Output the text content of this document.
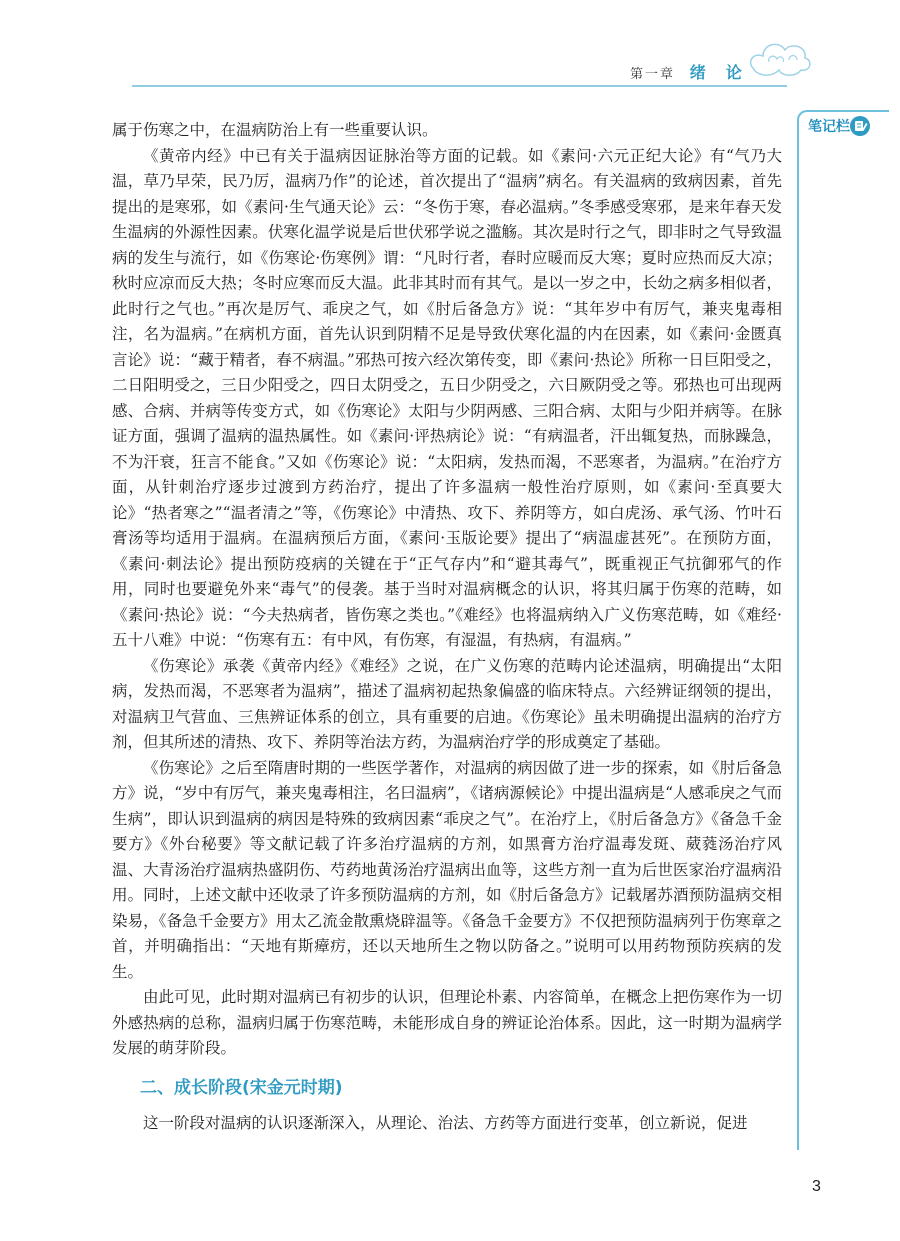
第一章 绪　论
笔记栏

属于伤寒之中，在温病防治上有一些重要认识。

《黄帝内经》中已有关于温病因证脉治等方面的记载。如《素问·六元正纪大论》有“气乃大温，草乃早荣，民乃厉，温病乃作”的论述，首次提出了“温病”病名。有关温病的致病因素，首先提出的是寒邪，如《素问·生气通天论》云：“冬伤于寒，春必温病。”冬季感受寒邪，是来年春天发生温病的外源性因素。伏寒化温学说是后世伏邪学说之滥觞。其次是时行之气，即非时之气导致温病的发生与流行，如《伤寒论·伤寒例》谓：“凡时行者，春时应暖而反大寒；夏时应热而反大凉；秋时应凉而反大热；冬时应寒而反大温。此非其时而有其气。是以一岁之中，长幼之病多相似者，此时行之气也。”再次是厉气、乖戾之气，如《肘后备急方》说：“其年岁中有厉气，兼夹鬼毒相注，名为温病。”在病机方面，首先认识到阴精不足是导致伏寒化温的内在因素，如《素问·金匮真言论》说：“藏于精者，春不病温。”邪热可按六经次第传变，即《素问·热论》所称一日巨阳受之，二日阳明受之，三日少阳受之，四日太阴受之，五日少阴受之，六日厥阴受之等。邪热也可出现两感、合病、并病等传变方式，如《伤寒论》太阳与少阴两感、三阳合病、太阳与少阳并病等。在脉证方面，强调了温病的温热属性。如《素问·评热病论》说：“有病温者，汗出辄复热，而脉躁急，不为汗衰，狂言不能食。”又如《伤寒论》说：“太阳病，发热而渴，不恶寒者，为温病。”在治疗方面，从针刺治疗逐步过渡到方药治疗，提出了许多温病一般性治疗原则，如《素问·至真要大论》“热者寒之”“温者清之”等，《伤寒论》中清热、攻下、养阴等方，如白虎汤、承气汤、竹叶石膏汤等均适用于温病。在温病预后方面，《素问·玉版论要》提出了“病温虚甚死”。在预防方面，《素问·刺法论》提出预防疫病的关键在于“正气存内”和“避其毒气”，既重视正气抗御邪气的作用，同时也要避免外来“毒气”的侵袭。基于当时对温病概念的认识，将其归属于伤寒的范畴，如《素问·热论》说：“今夫热病者，皆伤寒之类也。”《难经》也将温病纳入广义伤寒范畴，如《难经·五十八难》中说：“伤寒有五：有中风，有伤寒，有湿温，有热病，有温病。”

《伤寒论》承袭《黄帝内经》《难经》之说，在广义伤寒的范畴内论述温病，明确提出“太阳病，发热而渴，不恶寒者为温病”，描述了温病初起热象偏盛的临床特点。六经辨证纲领的提出，对温病卫气营血、三焦辨证体系的创立，具有重要的启迪。《伤寒论》虽未明确提出温病的治疗方剂，但其所述的清热、攻下、养阴等治法方药，为温病治疗学的形成奠定了基础。

《伤寒论》之后至隋唐时期的一些医学著作，对温病的病因做了进一步的探索，如《肘后备急方》说，“岁中有厉气，兼夹鬼毒相注，名曰温病”，《诸病源候论》中提出温病是“人感乖戾之气而生病”，即认识到温病的病因是特殊的致病因素“乖戾之气”。在治疗上，《肘后备急方》《备急千金要方》《外台秘要》等文献记载了许多治疗温病的方剂，如黑膏方治疗温毒发斑、葳蕤汤治疗风温、大青汤治疗温病热盛阴伤、芍药地黄汤治疗温病出血等，这些方剂一直为后世医家治疗温病沿用。同时，上述文献中还收录了许多预防温病的方剂，如《肘后备急方》记载屠苏酒预防温病交相染易，《备急千金要方》用太乙流金散熏烧辟温等。《备急千金要方》不仅把预防温病列于伤寒章之首，并明确指出：“天地有斯瘴疠，还以天地所生之物以防备之。”说明可以用药物预防疾病的发生。

由此可见，此时期对温病已有初步的认识，但理论朴素、内容简单，在概念上把伤寒作为一切外感热病的总称，温病归属于伤寒范畴，未能形成自身的辨证论治体系。因此，这一时期为温病学发展的萌芽阶段。

二、成长阶段(宋金元时期)

这一阶段对温病的认识逐渐深入，从理论、治法、方药等方面进行变革，创立新说，促进

3
